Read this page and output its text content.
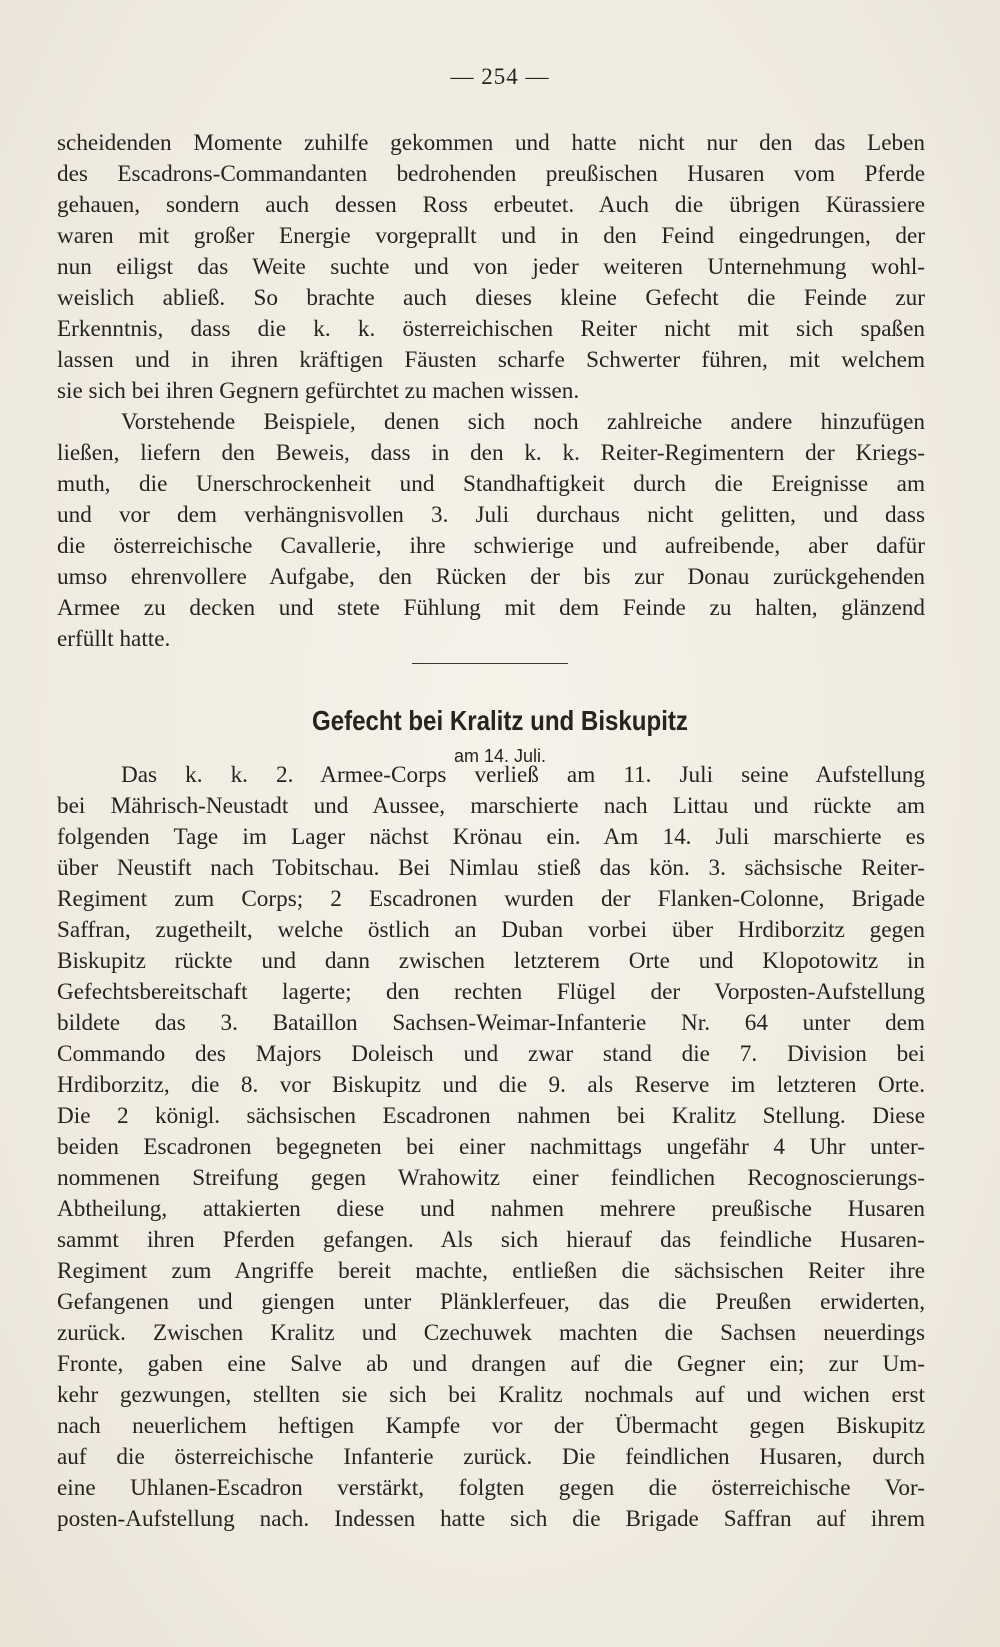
— 254 —
scheidenden Momente zuhilfe gekommen und hatte nicht nur den das Leben
des Escadrons-Commandanten bedrohenden preußischen Husaren vom Pferde
gehauen, sondern auch dessen Ross erbeutet. Auch die übrigen Kürassiere
waren mit großer Energie vorgeprallt und in den Feind eingedrungen, der
nun eiligst das Weite suchte und von jeder weiteren Unternehmung wohl-
weislich abließ. So brachte auch dieses kleine Gefecht die Feinde zur
Erkenntnis, dass die k. k. österreichischen Reiter nicht mit sich spaßen
lassen und in ihren kräftigen Fäusten scharfe Schwerter führen, mit welchem
sie sich bei ihren Gegnern gefürchtet zu machen wissen.
Vorstehende Beispiele, denen sich noch zahlreiche andere hinzufügen
ließen, liefern den Beweis, dass in den k. k. Reiter-Regimentern der Kriegs-
muth, die Unerschrockenheit und Standhaftigkeit durch die Ereignisse am
und vor dem verhängnisvollen 3. Juli durchaus nicht gelitten, und dass
die österreichische Cavallerie, ihre schwierige und aufreibende, aber dafür
umso ehrenvollere Aufgabe, den Rücken der bis zur Donau zurückgehenden
Armee zu decken und stete Fühlung mit dem Feinde zu halten, glänzend
erfüllt hatte.
Gefecht bei Kralitz und Biskupitz
am 14. Juli.
Das k. k. 2. Armee-Corps verließ am 11. Juli seine Aufstellung
bei Mährisch-Neustadt und Aussee, marschierte nach Littau und rückte am
folgenden Tage im Lager nächst Krönau ein. Am 14. Juli marschierte es
über Neustift nach Tobitschau. Bei Nimlau stieß das kön. 3. sächsische Reiter-
Regiment zum Corps; 2 Escadronen wurden der Flanken-Colonne, Brigade
Saffran, zugetheilt, welche östlich an Duban vorbei über Hrdiborzitz gegen
Biskupitz rückte und dann zwischen letzterem Orte und Klopotowitz in
Gefechtsbereitschaft lagerte; den rechten Flügel der Vorposten-Aufstellung
bildete das 3. Bataillon Sachsen-Weimar-Infanterie Nr. 64 unter dem
Commando des Majors Doleisch und zwar stand die 7. Division bei
Hrdiborzitz, die 8. vor Biskupitz und die 9. als Reserve im letzteren Orte.
Die 2 königl. sächsischen Escadronen nahmen bei Kralitz Stellung. Diese
beiden Escadronen begegneten bei einer nachmittags ungefähr 4 Uhr unter-
nommenen Streifung gegen Wrahowitz einer feindlichen Recognoscierungs-
Abtheilung, attakierten diese und nahmen mehrere preußische Husaren
sammt ihren Pferden gefangen. Als sich hierauf das feindliche Husaren-
Regiment zum Angriffe bereit machte, entließen die sächsischen Reiter ihre
Gefangenen und giengen unter Plänklerfeuer, das die Preußen erwiderten,
zurück. Zwischen Kralitz und Czechuwek machten die Sachsen neuerdings
Fronte, gaben eine Salve ab und drangen auf die Gegner ein; zur Um-
kehr gezwungen, stellten sie sich bei Kralitz nochmals auf und wichen erst
nach neuerlichem heftigen Kampfe vor der Übermacht gegen Biskupitz
auf die österreichische Infanterie zurück. Die feindlichen Husaren, durch
eine Uhlanen-Escadron verstärkt, folgten gegen die österreichische Vor-
posten-Aufstellung nach. Indessen hatte sich die Brigade Saffran auf ihrem
